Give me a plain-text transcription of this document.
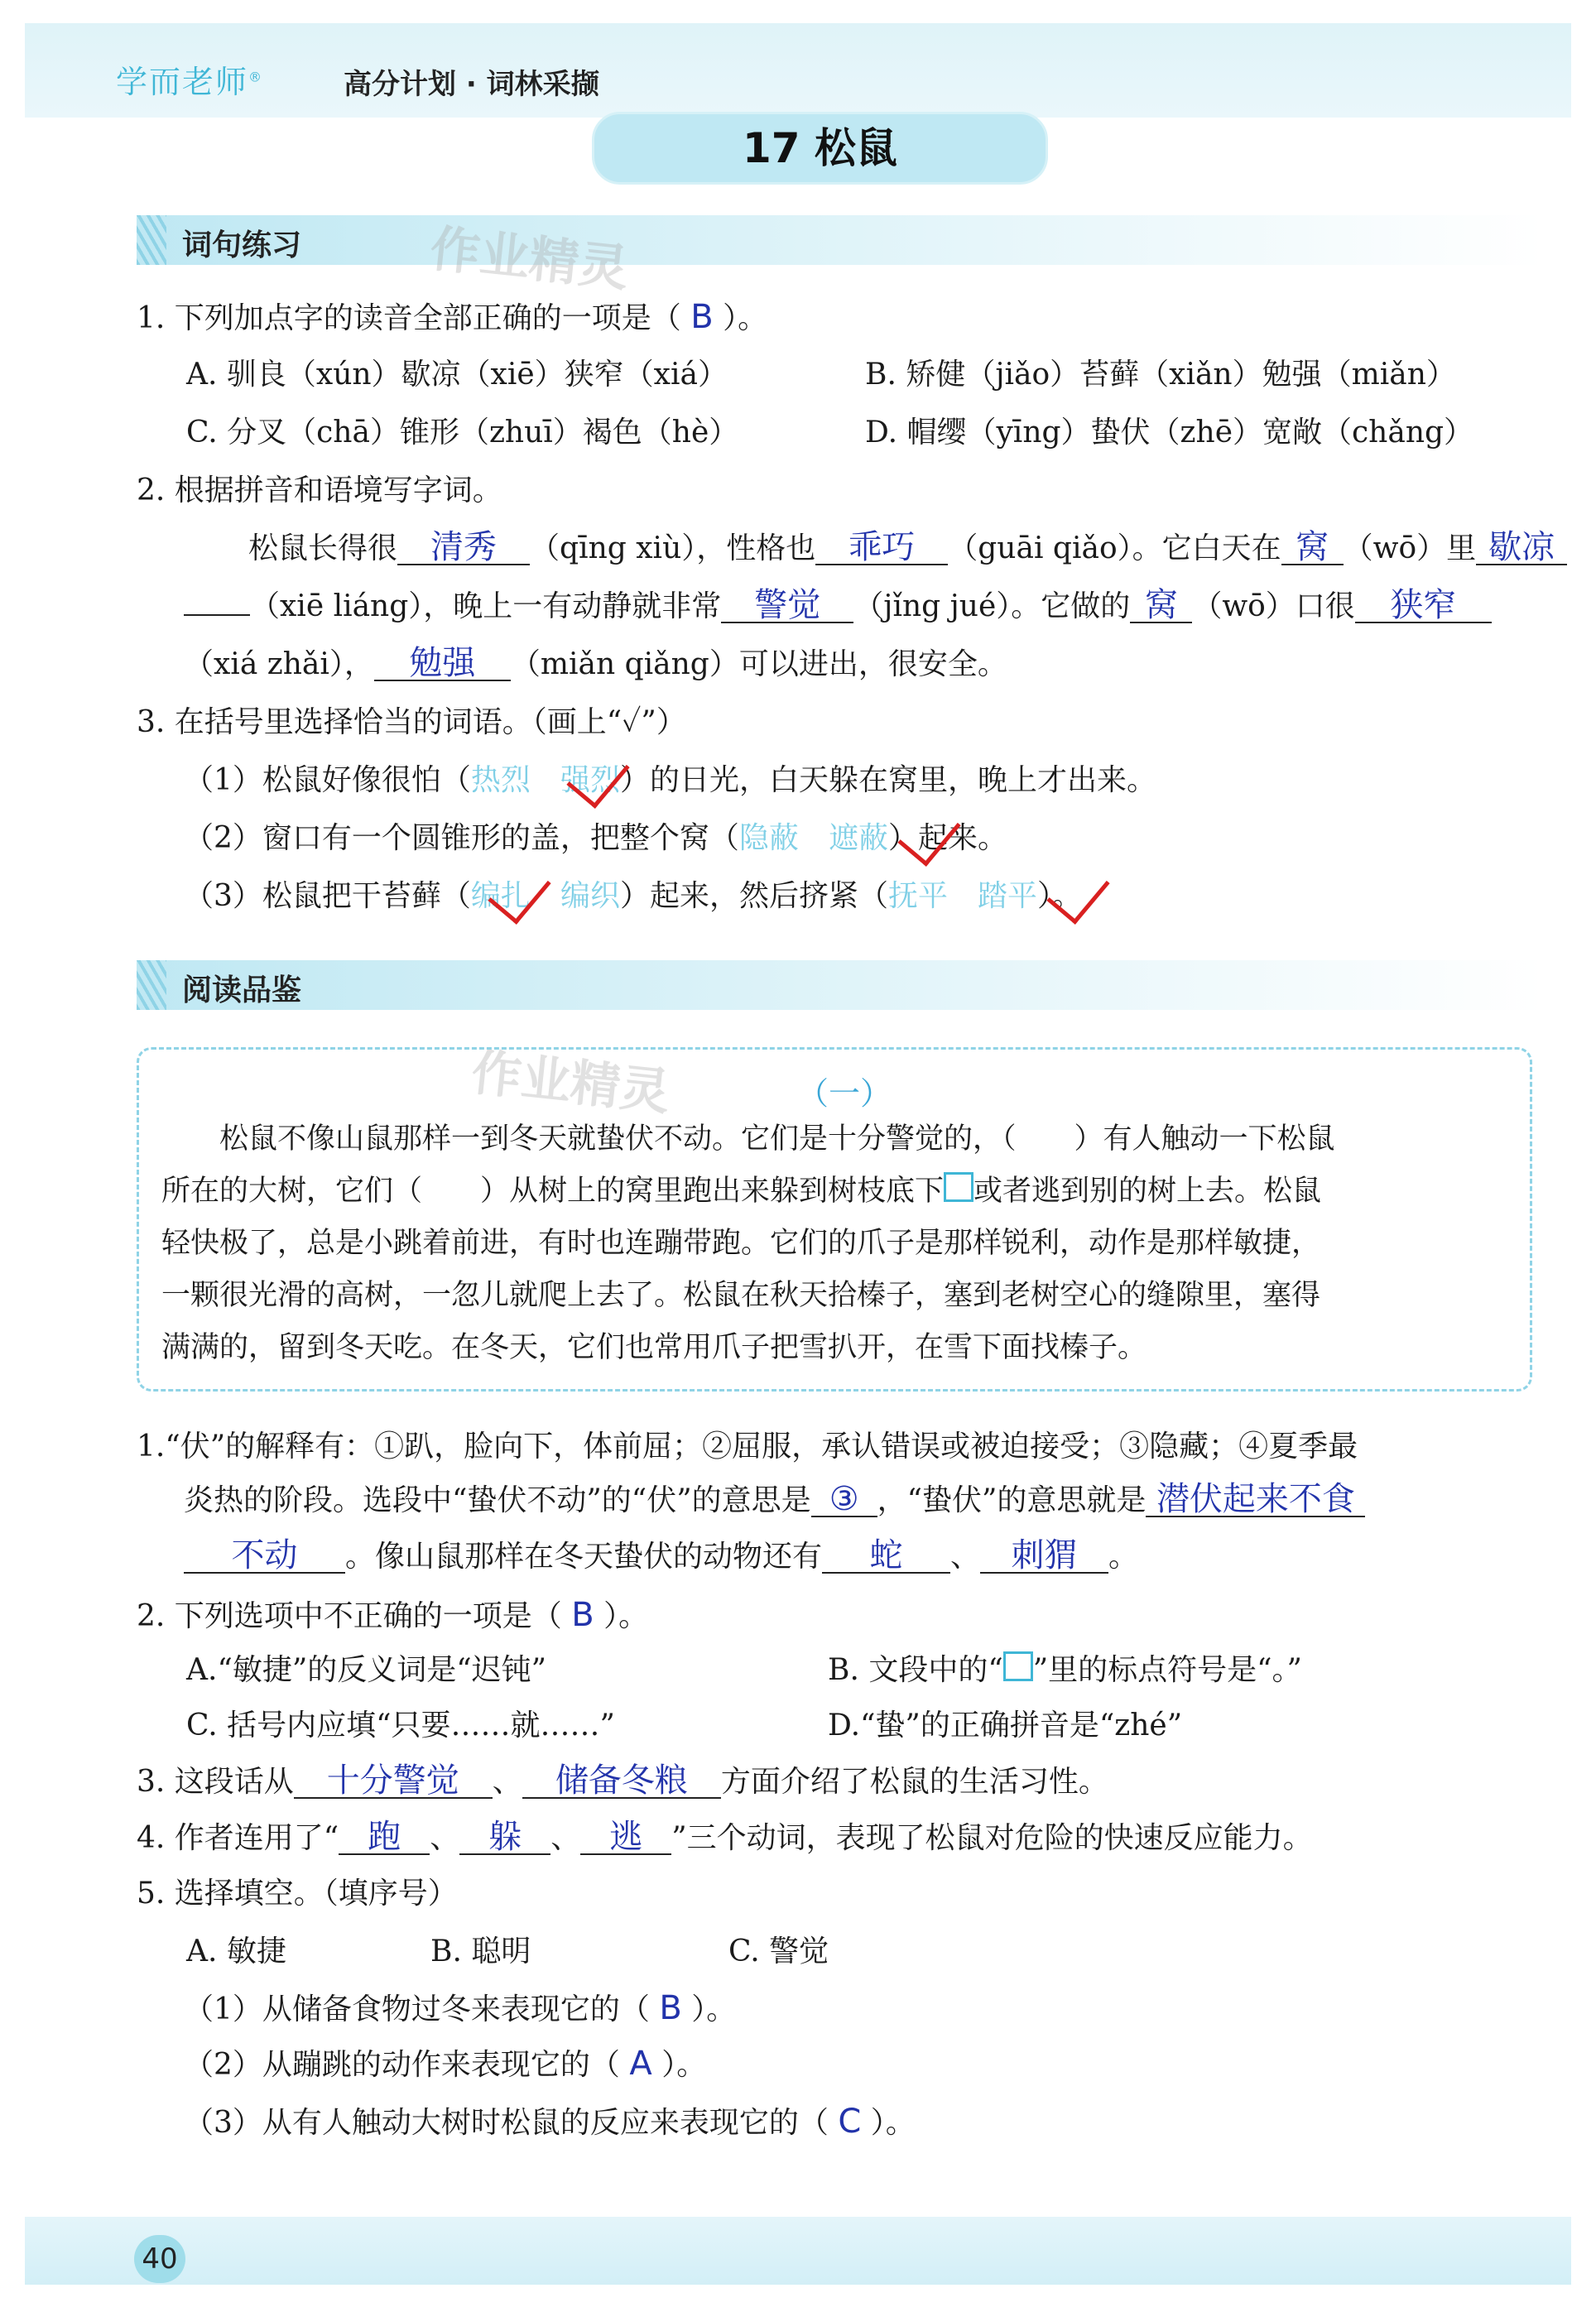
学而老师®	高分计划 · 词林采撷
17 松鼠
词句练习	作业精灵
1. 下列加点字的读音全部正确的一项是（ B ）。
A. 驯良（xún）歇凉（xiē）狭窄（xiá）	B. 矫健（jiǎo）苔藓（xiǎn）勉强（miǎn）
C. 分叉（chā）锥形（zhuī）褐色（hè）	D. 帽缨（yīng）蛰伏（zhē）宽敞（chǎng）
2. 根据拼音和语境写字词。
松鼠长得很 清秀 （qīng xiù），性格也 乖巧 （guāi qiǎo）。它白天在 窝 （wō）里 歇凉
（xiē liáng），晚上一有动静就非常 警觉 （jǐng jué）。它做的 窝 （wō）口很 狭窄
（xiá zhǎi）， 勉强 （miǎn qiǎng）可以进出，很安全。
3. 在括号里选择恰当的词语。（画上“✓”）
（1）松鼠好像很怕（热烈　 强烈）的日光，白天躲在窝里，晚上才出来。
（2）窗口有一个圆锥形的盖，把整个窝（隐蔽　 遮蔽）起来。
（3）松鼠把干苔藓（编扎　 编织）起来，然后挤紧（抚平　 踏平）。
阅读品鉴
作业精灵	（一）

松鼠不像山鼠那样一到冬天就蛰伏不动。它们是十分警觉的，（　　）有人触动一下松鼠

所在的大树，它们（　　）从树上的窝里跑出来躲到树枝底下 或者逃到别的树上去。松鼠

轻快极了，总是小跳着前进，有时也连蹦带跑。它们的爪子是那样锐利，动作是那样敏捷，

一颗很光滑的高树，一忽儿就爬上去了。松鼠在秋天拾榛子，塞到老树空心的缝隙里，塞得

满满的，留到冬天吃。在冬天，它们也常用爪子把雪扒开，在雪下面找榛子。

1.“伏”的解释有：①趴，脸向下，体前屈；②屈服，承认错误或被迫接受；③隐藏；④夏季最
炎热的阶段。选段中“蛰伏不动”的“伏”的意思是 ③ ，“蛰伏”的意思就是 潜伏起来不食
不动 。像山鼠那样在冬天蛰伏的动物还有 蛇 、 刺猬 。
2. 下列选项中不正确的一项是（ B ）。
A.“敏捷”的反义词是“迟钝”	B. 文段中的“ ”里的标点符号是“。”
C. 括号内应填“只要……就……”	D.“蛰”的正确拼音是“zhé”
3. 这段话从 十分警觉 、 储备冬粮 方面介绍了松鼠的生活习性。
4. 作者连用了“ 跑 、 躲 、 逃 ”三个动词，表现了松鼠对危险的快速反应能力。
5. 选择填空。（填序号）
A. 敏捷	B. 聪明	C. 警觉
（1）从储备食物过冬来表现它的（ B ）。
（2）从蹦跳的动作来表现它的（ A ）。
（3）从有人触动大树时松鼠的反应来表现它的（ C ）。
40
